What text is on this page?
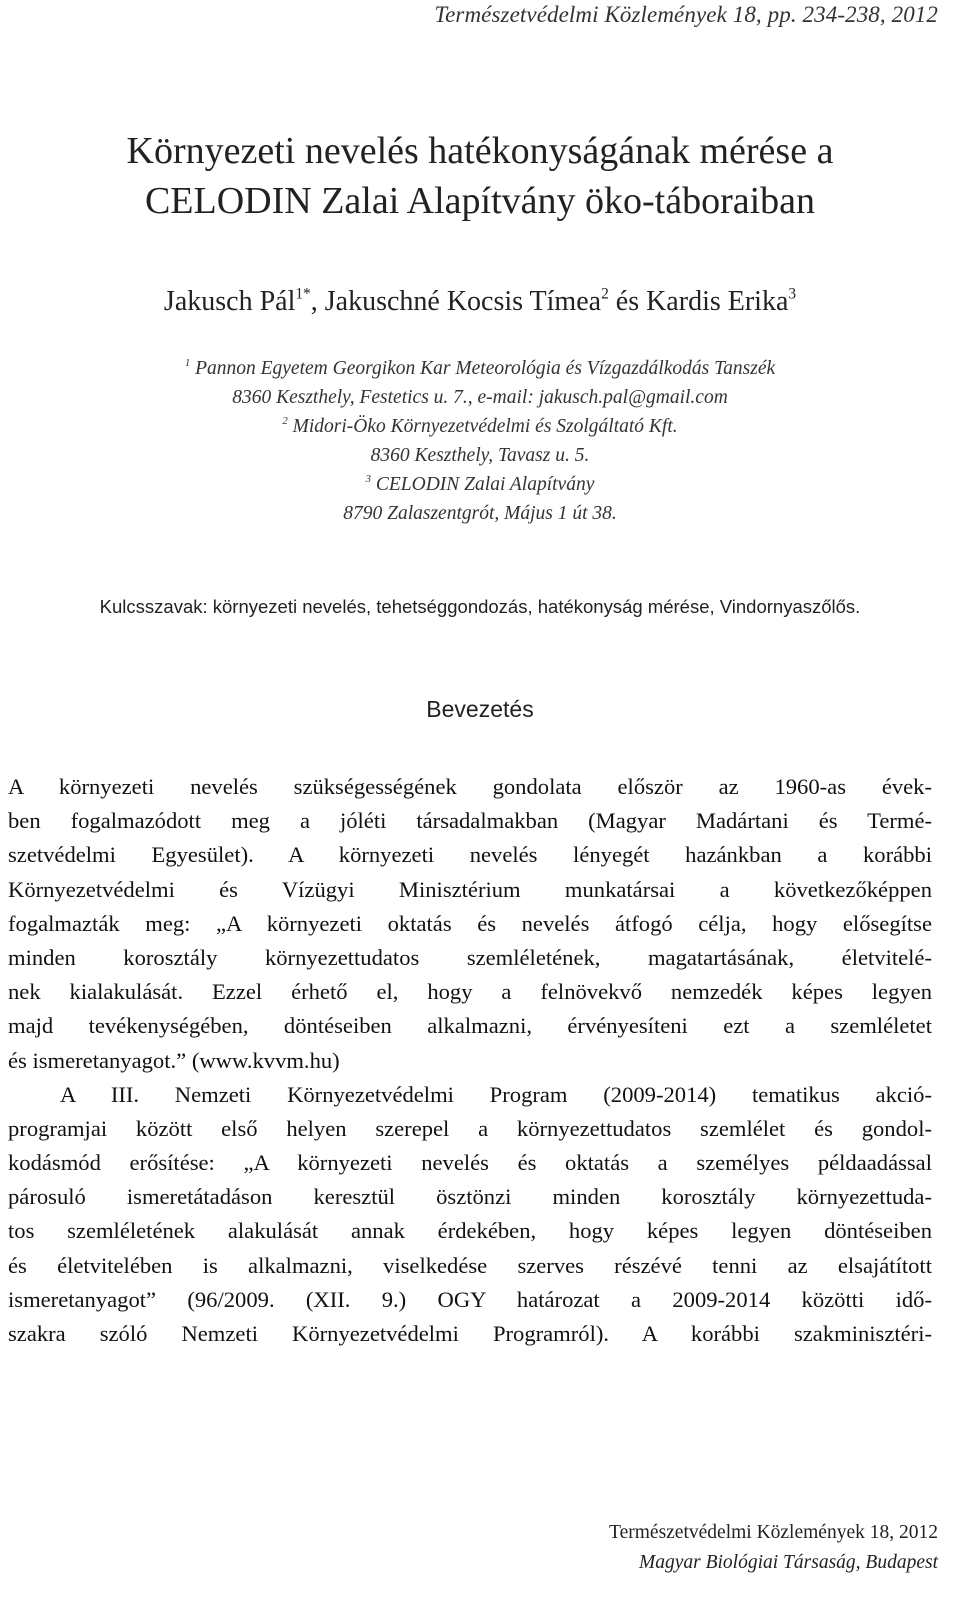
Természetvédelmi Közlemények 18, pp. 234-238, 2012
Környezeti nevelés hatékonyságának mérése a
CELODIN Zalai Alapítvány öko-táboraiban
Jakusch Pál$^{1*}$, Jakuschné Kocsis Tímea$^2$ és Kardis Erika$^3$
$^1$ Pannon Egyetem Georgikon Kar Meteorológia és Vízgazdálkodás Tanszék
8360 Keszthely, Festetics u. 7., e-mail: jakusch.pal@gmail.com
$^2$ Midori-Öko Környezetvédelmi és Szolgáltató Kft.
8360 Keszthely, Tavasz u. 5.
$^3$ CELODIN Zalai Alapítvány
8790 Zalaszentgrót, Május 1 út 38.
Kulcsszavak: környezeti nevelés, tehetséggondozás, hatékonyság mérése, Vindornyaszőlős.
Bevezetés
A környezeti nevelés szükségességének gondolata először az 1960-as évek-
ben fogalmazódott meg a jóléti társadalmakban (Magyar Madártani és Termé-
szetvédelmi Egyesület). A környezeti nevelés lényegét hazánkban a korábbi
Környezetvédelmi és Vízügyi Minisztérium munkatársai a következőképpen
fogalmazták meg: „A környezeti oktatás és nevelés átfogó célja, hogy elősegítse
minden korosztály környezettudatos szemléletének, magatartásának, életvitelé-
nek kialakulását. Ezzel érhető el, hogy a felnövekvő nemzedék képes legyen
majd tevékenységében, döntéseiben alkalmazni, érvényesíteni ezt a szemléletet
és ismeretanyagot.” (www.kvvm.hu)
A III. Nemzeti Környezetvédelmi Program (2009-2014) tematikus akció-
programjai között első helyen szerepel a környezettudatos szemlélet és gondol-
kodásmód erősítése: „A környezeti nevelés és oktatás a személyes példaadással
párosuló ismeretátadáson keresztül ösztönzi minden korosztály környezettuda-
tos szemléletének alakulását annak érdekében, hogy képes legyen döntéseiben
és életvitelében is alkalmazni, viselkedése szerves részévé tenni az elsajátított
ismeretanyagot” (96/2009. (XII. 9.) OGY határozat a 2009-2014 közötti idő-
szakra szóló Nemzeti Környezetvédelmi Programról). A korábbi szakminisztéri-
Természetvédelmi Közlemények 18, 2012
Magyar Biológiai Társaság, Budapest
